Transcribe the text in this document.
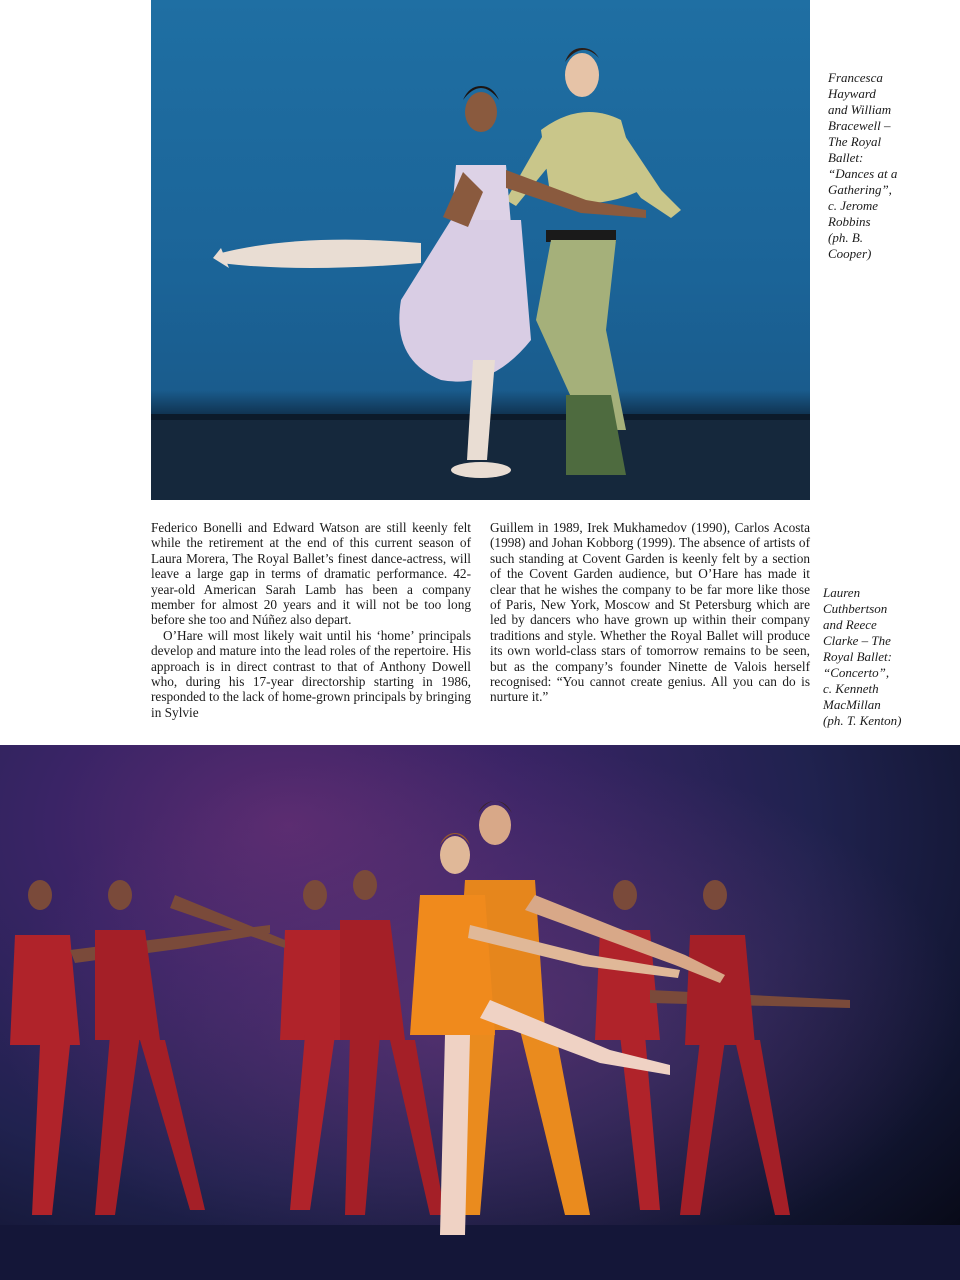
Francesca
Hayward
and William
Bracewell –
The Royal
Ballet:
“Dances at a
Gathering”,
c. Jerome
Robbins
(ph. B.
Cooper)

Federico Bonelli and Edward Watson are still keenly felt while the retirement at the end of this current season of Laura Morera, The Royal Ballet’s finest dance-actress, will leave a large gap in terms of dramatic performance. 42-year-old American Sarah Lamb has been a company member for almost 20 years and it will not be too long before she too and Núñez also depart.

O’Hare will most likely wait until his ‘home’ principals develop and mature into the lead roles of the repertoire. His approach is in direct contrast to that of Anthony Dowell who, during his 17-year directorship starting in 1986, responded to the lack of home-grown principals by bringing in Sylvie

Guillem in 1989, Irek Mukhamedov (1990), Carlos Acosta (1998) and Johan Kobborg (1999). The absence of artists of such standing at Covent Garden is keenly felt by a section of the Covent Garden audience, but O’Hare has made it clear that he wishes the company to be far more like those of Paris, New York, Moscow and St Petersburg which are led by dancers who have grown up within their company traditions and style. Whether the Royal Ballet will produce its own world-class stars of tomorrow remains to be seen, but as the company’s founder Ninette de Valois herself recognised: “You cannot create genius. All you can do is nurture it.”

Lauren
Cuthbertson
and Reece
Clarke – The
Royal Ballet:
“Concerto”,
c. Kenneth
MacMillan
(ph. T. Kenton)
